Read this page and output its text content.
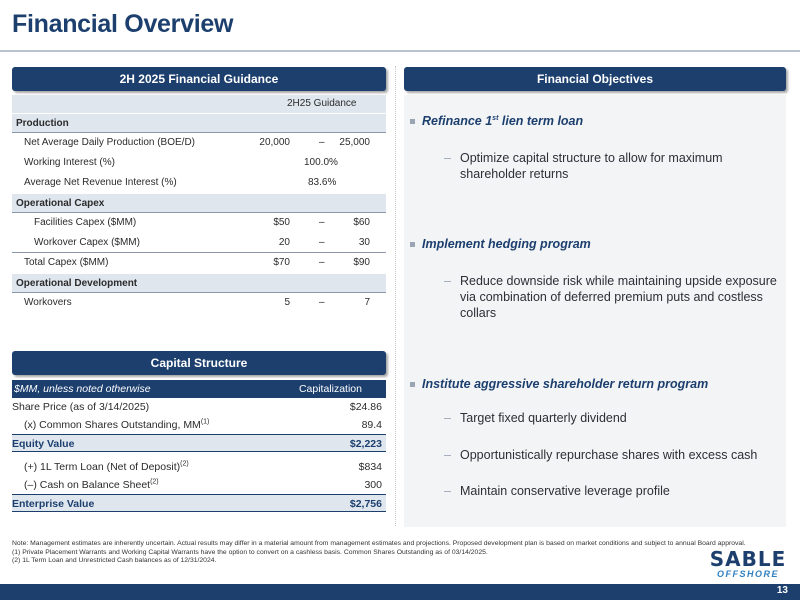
Financial Overview
2H 2025 Financial Guidance
2H25 Guidance
Production
Net Average Daily Production (BOE/D)	20,000	– 25,000
Working Interest (%)	100.0%
Average Net Revenue Interest (%)	83.6%
Operational Capex
Facilities Capex ($MM)	$50	–	$60
Workover Capex ($MM)	20	–	30
Total Capex ($MM)	$70	–	$90
Operational Development
Workovers	5	–	7
Capital Structure
$MM, unless noted otherwise	Capitalization
Share Price (as of 3/14/2025)	$24.86
(x) Common Shares Outstanding, MM$^{(1)}$	89.4
Equity Value	$2,223
(+) 1L Term Loan (Net of Deposit)$^{(2)}$	$834
(–) Cash on Balance Sheet$^{(2)}$	300
Enterprise Value	$2,756
Financial Objectives
Refinance 1st lien term loan
– Optimize capital structure to allow for maximum shareholder returns
Implement hedging program
– Reduce downside risk while maintaining upside exposure via combination of deferred premium puts and costless collars
Institute aggressive shareholder return program
– Target fixed quarterly dividend
– Opportunistically repurchase shares with excess cash
– Maintain conservative leverage profile
Note: Management estimates are inherently uncertain. Actual results may differ in a material amount from management estimates and projections. Proposed development plan is based on market conditions and subject to annual Board approval.
(1) Private Placement Warrants and Working Capital Warrants have the option to convert on a cashless basis. Common Shares Outstanding as of 03/14/2025.
(2) 1L Term Loan and Unrestricted Cash balances as of 12/31/2024.	SABLE
OFFSHORE
13
